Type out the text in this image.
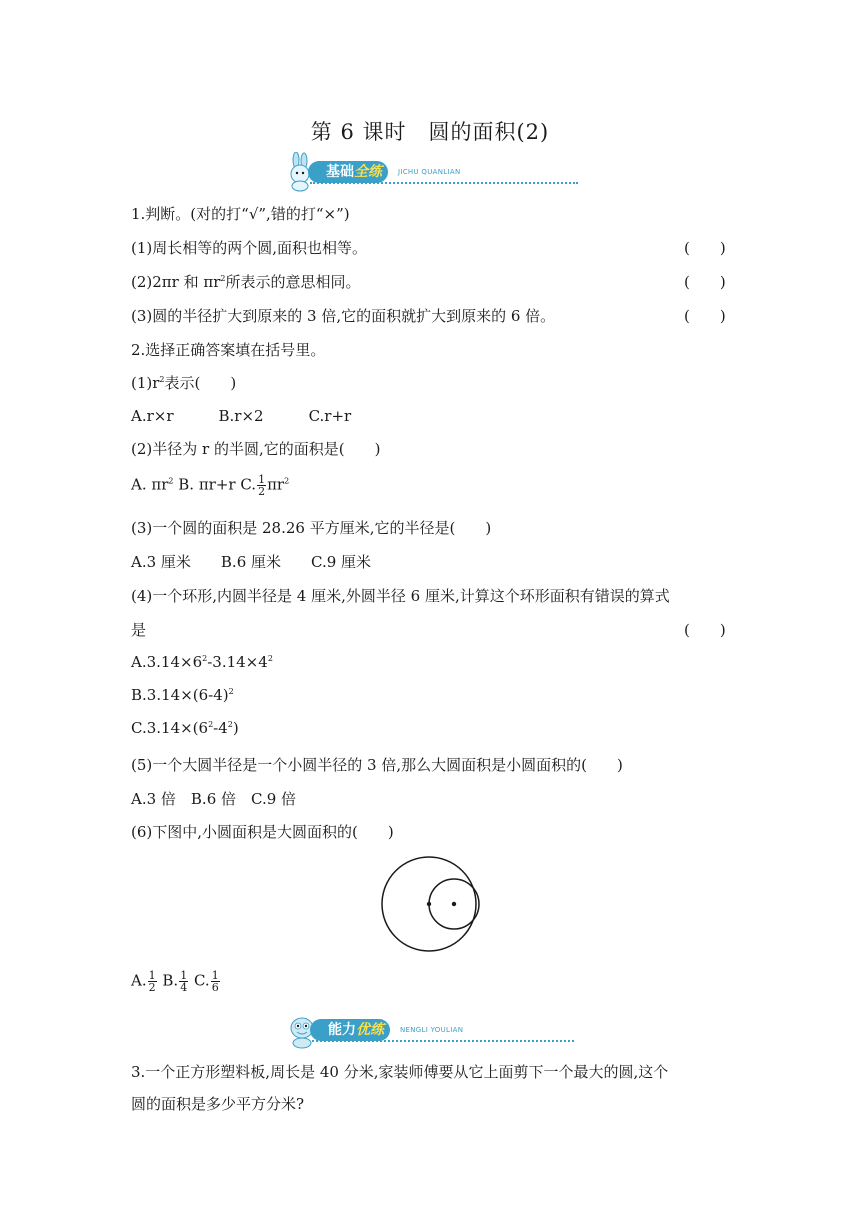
第 6 课时　圆的面积(2)
基础全练	JICHU QUANLIAN
1.判断。(对的打“√”,错的打“×”)
(1)周长相等的两个圆,面积也相等。	(　　)
(2)2πr 和 $\pi r^2$所表示的意思相同。	(　　)
(3)圆的半径扩大到原来的 3 倍,它的面积就扩大到原来的 6 倍。	(　　)
2.选择正确答案填在括号里。
$(1)r^2$表示(　　)
A.r×r　　　B.r×2　　　C.r+r
(2)半径为 r 的半圆,它的面积是(　　)
A. $\pi r^2$ B. πr+r C. $\frac{1}{2} \pi r^2$
(3)一个圆的面积是 28.26 平方厘米,它的半径是(　　)
A.3 厘米　　B.6 厘米　　C.9 厘米
(4)一个环形,内圆半径是 4 厘米,外圆半径 6 厘米,计算这个环形面积有错误的算式
是	(　　)
$A.3.14\times 6^2-3.14\times 4^2$
$B.3.14\times(6-4)^2$
$C.3.14\times(6^2-4^2)$
(5)一个大圆半径是一个小圆半径的 3 倍,那么大圆面积是小圆面积的(　　)
A.3 倍　B.6 倍　C.9 倍
(6)下图中,小圆面积是大圆面积的(　　)
A. $\frac{1}{2} B$. $\frac{1}{4} C$. $\frac{1}{6}$
能力优练	NENGLI YOULIAN
3.一个正方形塑料板,周长是 40 分米,家装师傅要从它上面剪下一个最大的圆,这个
圆的面积是多少平方分米?
